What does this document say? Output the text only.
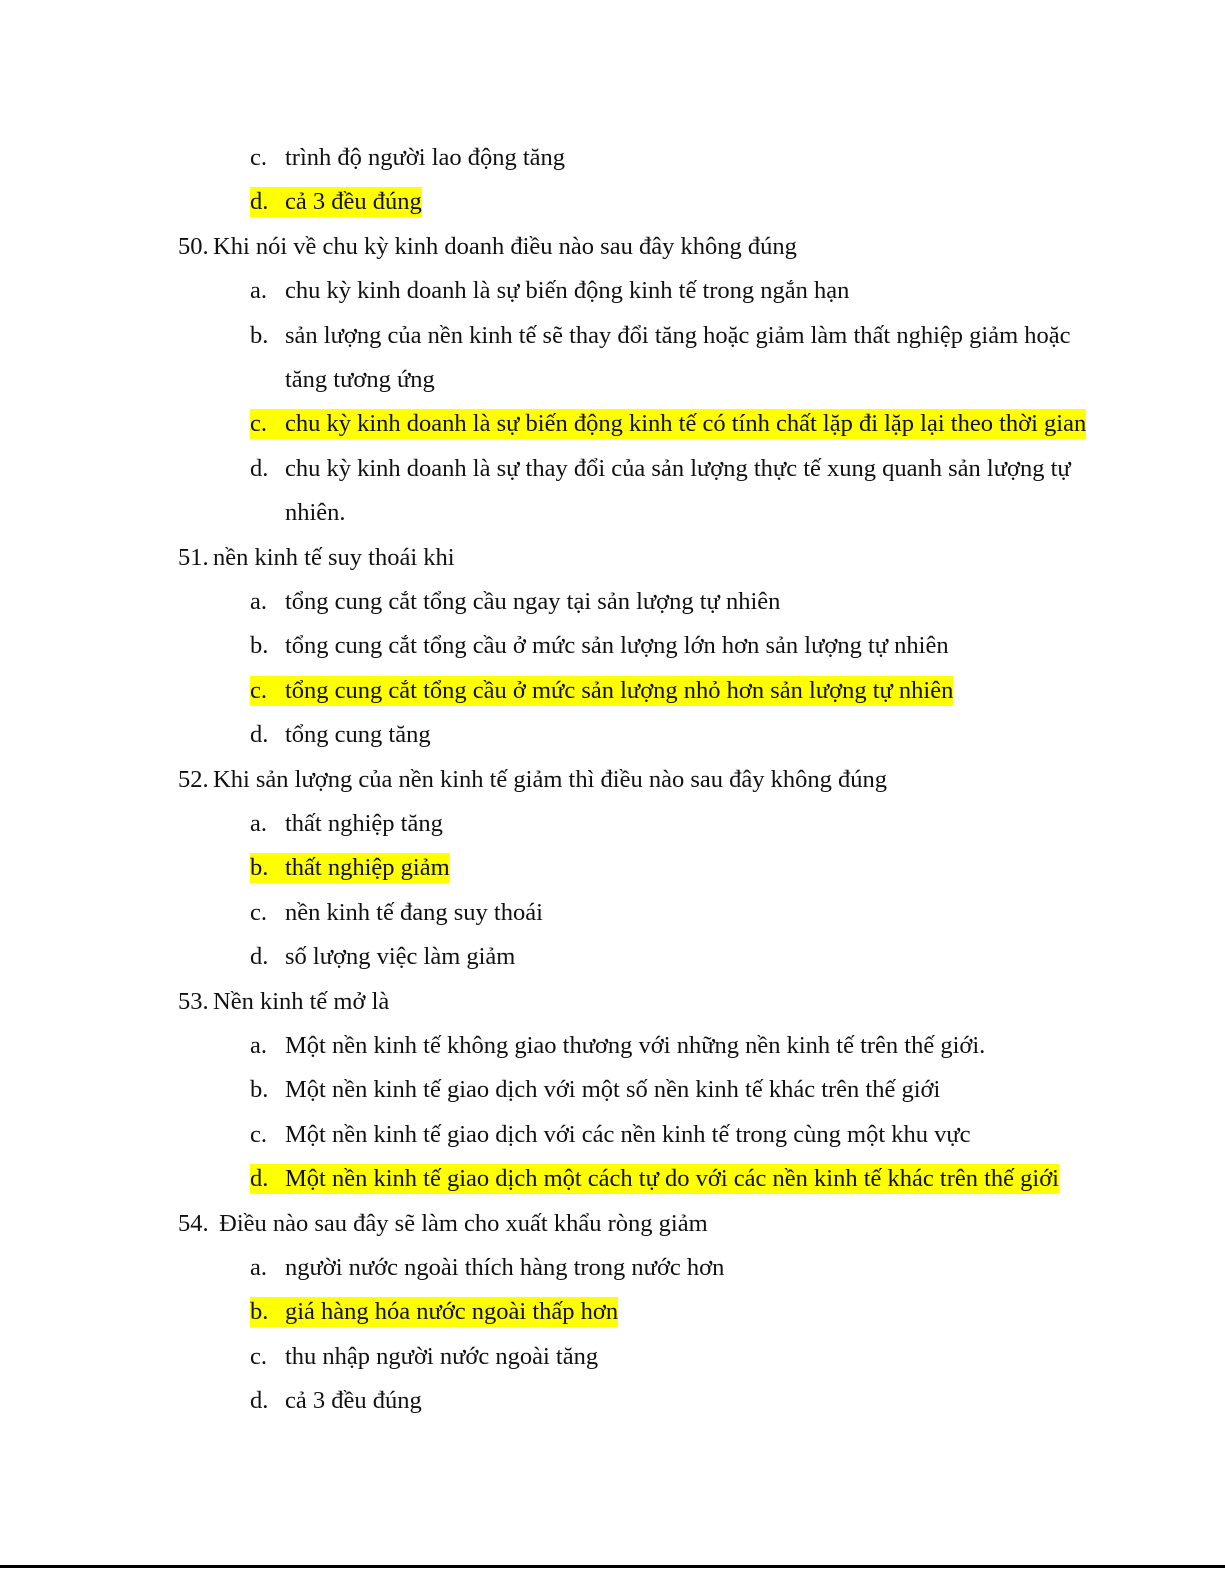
c. trình độ người lao động tăng
d. cả 3 đều đúng
50. Khi nói về chu kỳ kinh doanh điều nào sau đây không đúng
a. chu kỳ kinh doanh là sự biến động kinh tế trong ngắn hạn
b. sản lượng của nền kinh tế sẽ thay đổi tăng hoặc giảm làm thất nghiệp giảm hoặc
tăng tương ứng
c. chu kỳ kinh doanh là sự biến động kinh tế có tính chất lặp đi lặp lại theo thời gian
d. chu kỳ kinh doanh là sự thay đổi của sản lượng thực tế xung quanh sản lượng tự
nhiên.
51. nền kinh tế suy thoái khi
a. tổng cung cắt tổng cầu ngay tại sản lượng tự nhiên
b. tổng cung cắt tổng cầu ở mức sản lượng lớn hơn sản lượng tự nhiên
c. tổng cung cắt tổng cầu ở mức sản lượng nhỏ hơn sản lượng tự nhiên
d. tổng cung tăng
52. Khi sản lượng của nền kinh tế giảm thì điều nào sau đây không đúng
a. thất nghiệp tăng
b. thất nghiệp giảm
c. nền kinh tế đang suy thoái
d. số lượng việc làm giảm
53. Nền kinh tế mở là
a. Một nền kinh tế không giao thương với những nền kinh tế trên thế giới.
b. Một nền kinh tế giao dịch với một số nền kinh tế khác trên thế giới
c. Một nền kinh tế giao dịch với các nền kinh tế trong cùng một khu vực
d. Một nền kinh tế giao dịch một cách tự do với các nền kinh tế khác trên thế giới
54. Điều nào sau đây sẽ làm cho xuất khẩu ròng giảm
a. người nước ngoài thích hàng trong nước hơn
b. giá hàng hóa nước ngoài thấp hơn
c. thu nhập người nước ngoài tăng
d. cả 3 đều đúng
